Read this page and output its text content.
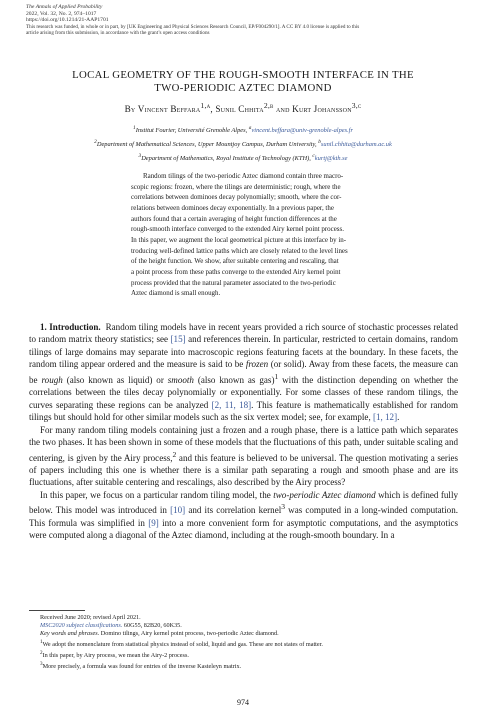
The Annals of Applied Probability
2022, Vol. 32, No. 2, 974–1017
https://doi.org/10.1214/21-AAP1701
This research was funded, in whole or in part, by [UK Engineering and Physical Sciences Research Council, EP/F004290/1]. A CC BY 4.0 license is applied to this
article arising from this submission, in accordance with the grant’s open access conditions
LOCAL GEOMETRY OF THE ROUGH-SMOOTH INTERFACE IN THE
TWO-PERIODIC AZTEC DIAMOND
By Vincent Beffara$^{1,a}$, Sunil Chhita$^{2,b}$ and Kurt Johansson$^{3,c}$
$^1$Institut Fourier, Université Grenoble Alpes, $^a$vincent.beffara@univ-grenoble-alpes.fr
$^2$Department of Mathematical Sciences, Upper Mountjoy Campus, Durham University, $^b$sunil.chhita@durham.ac.uk
$^3$Department of Mathematics, Royal Institute of Technology (KTH), $^c$kurtj@kth.se
Random tilings of the two-periodic Aztec diamond contain three macro-
scopic regions: frozen, where the tilings are deterministic; rough, where the
correlations between dominoes decay polynomially; smooth, where the cor-
relations between dominoes decay exponentially. In a previous paper, the
authors found that a certain averaging of height function differences at the
rough-smooth interface converged to the extended Airy kernel point process.
In this paper, we augment the local geometrical picture at this interface by in-
troducing well-defined lattice paths which are closely related to the level lines
of the height function. We show, after suitable centering and rescaling, that
a point process from these paths converge to the extended Airy kernel point
process provided that the natural parameter associated to the two-periodic
Aztec diamond is small enough.

1. Introduction. Random tiling models have in recent years provided a rich source of stochastic processes related to random matrix theory statistics; see [15] and references therein. In particular, restricted to certain domains, random tilings of large domains may separate into macroscopic regions featuring facets at the boundary. In these facets, the random tiling appear ordered and the measure is said to be frozen (or solid). Away from these facets, the measure can be rough (also known as liquid) or smooth (also known as gas)$^1$ with the distinction depending on whether the correlations between the tiles decay polynomially or exponentially. For some classes of these random tilings, the curves separating these regions can be analyzed [2, 11, 18]. This feature is mathematically established for random tilings but should hold for other similar models such as the six vertex model; see, for example, [1, 12].

For many random tiling models containing just a frozen and a rough phase, there is a lattice path which separates the two phases. It has been shown in some of these models that the fluctuations of this path, under suitable scaling and centering, is given by the Airy process,$^2$ and this feature is believed to be universal. The question motivating a series of papers including this one is whether there is a similar path separating a rough and smooth phase and are its fluctuations, after suitable centering and rescalings, also described by the Airy process?

In this paper, we focus on a particular random tiling model, the two-periodic Aztec diamond which is defined fully below. This model was introduced in [10] and its correlation kernel$^3$ was computed in a long-winded computation. This formula was simplified in [9] into a more convenient form for asymptotic computations, and the asymptotics were computed along a diagonal of the Aztec diamond, including at the rough-smooth boundary. In a

Received June 2020; revised April 2021.
MSC2020 subject classifications. 60G55, 82B20, 60K35.
Key words and phrases. Domino tilings, Airy kernel point process, two-periodic Aztec diamond.
$^1$We adopt the nomenclature from statistical physics instead of solid, liquid and gas. These are not states of matter.
$^2$In this paper, by Airy process, we mean the Airy-2 process.
$^3$More precisely, a formula was found for entries of the inverse Kasteleyn matrix.
974
